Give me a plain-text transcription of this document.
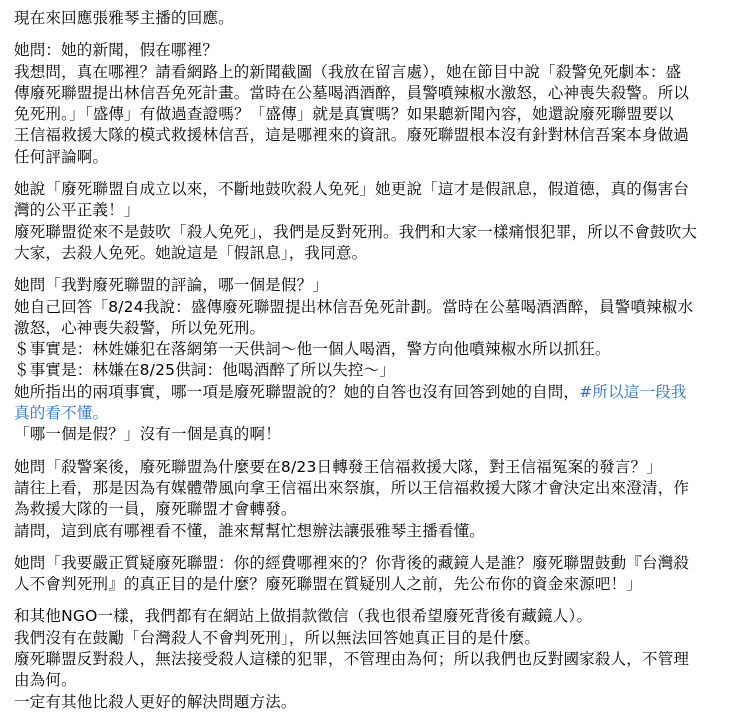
現在來回應張雅琴主播的回應。
她問：她的新聞，假在哪裡？
我想問，真在哪裡？請看網路上的新聞截圖（我放在留言處），她在節目中說「殺警免死劇本：盛
傳廢死聯盟提出林信吾免死計畫。當時在公墓喝酒酒醉，員警噴辣椒水激怒，心神喪失殺警。所以
免死刑。」「盛傳」有做過查證嗎？「盛傳」就是真實嗎？如果聽新聞內容，她還說廢死聯盟要以
王信福救援大隊的模式救援林信吾，這是哪裡來的資訊。廢死聯盟根本沒有針對林信吾案本身做過
任何評論啊。
她說「廢死聯盟自成立以來，不斷地鼓吹殺人免死」她更說「這才是假訊息，假道德，真的傷害台
灣的公平正義！」
廢死聯盟從來不是鼓吹「殺人免死」，我們是反對死刑。我們和大家一樣痛恨犯罪，所以不會鼓吹大
大家，去殺人免死。她說這是「假訊息」，我同意。
她問「我對廢死聯盟的評論，哪一個是假？」
她自己回答「8/24我說：盛傳廢死聯盟提出林信吾免死計劃。當時在公墓喝酒酒醉，員警噴辣椒水
激怒，心神喪失殺警，所以免死刑。
＄事實是：林姓嫌犯在落網第一天供詞～他一個人喝酒，警方向他噴辣椒水所以抓狂。
＄事實是：林嫌在8/25供詞：他喝酒醉了所以失控～」
她所指出的兩項事實，哪一項是廢死聯盟說的？她的自答也沒有回答到她的自問，#所以這一段我
真的看不懂。
「哪一個是假？」沒有一個是真的啊！
她問「殺警案後，廢死聯盟為什麼要在8/23日轉發王信福救援大隊，對王信福冤案的發言？」
請往上看，那是因為有媒體帶風向拿王信福出來祭旗，所以王信福救援大隊才會決定出來澄清，作
為救援大隊的一員，廢死聯盟才會轉發。
請問，這到底有哪裡看不懂，誰來幫幫忙想辦法讓張雅琴主播看懂。
她問「我要嚴正質疑廢死聯盟：你的經費哪裡來的？你背後的藏鏡人是誰？廢死聯盟鼓動『台灣殺
人不會判死刑』的真正目的是什麼？廢死聯盟在質疑別人之前，先公布你的資金來源吧！」
和其他NGO一樣，我們都有在網站上做捐款徵信（我也很希望廢死背後有藏鏡人）。
我們沒有在鼓勵「台灣殺人不會判死刑」，所以無法回答她真正目的是什麼。
廢死聯盟反對殺人，無法接受殺人這樣的犯罪，不管理由為何；所以我們也反對國家殺人，不管理
由為何。
一定有其他比殺人更好的解決問題方法。
